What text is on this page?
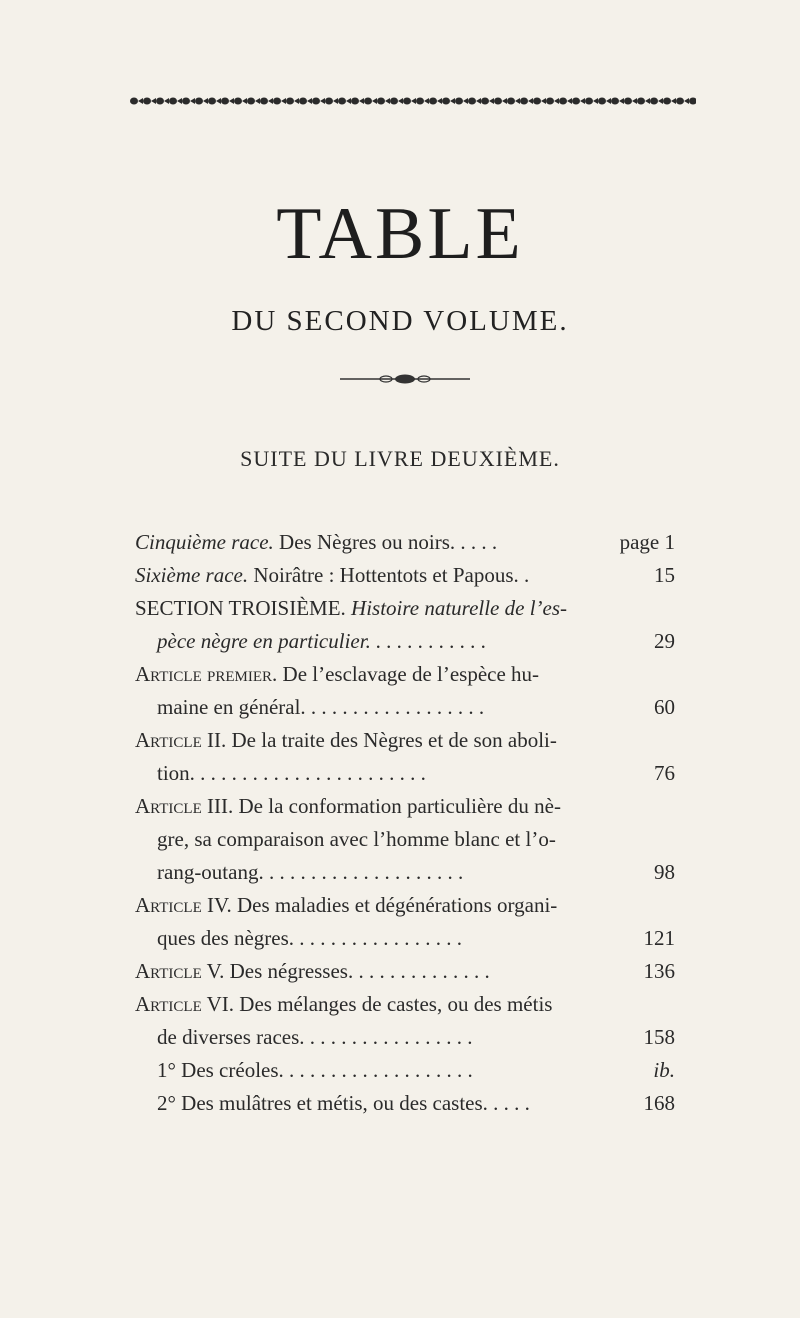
TABLE
DU SECOND VOLUME.
SUITE DU LIVRE DEUXIÈME.
Cinquième race. Des Nègres ou noirs. . . . .	page 1
Sixième race. Noirâtre : Hottentots et Papous. .	15
SECTION TROISIÈME. Histoire naturelle de l’es-
pèce nègre en particulier. . . . . . . . . . . .	29
Article premier. De l’esclavage de l’espèce hu-
maine en général. . . . . . . . . . . . . . . . . .	60
Article II. De la traite des Nègres et de son aboli-
tion. . . . . . . . . . . . . . . . . . . . . . .	76
Article III. De la conformation particulière du nè-
gre, sa comparaison avec l’homme blanc et l’o-
rang-outang. . . . . . . . . . . . . . . . . . . .	98
Article IV. Des maladies et dégénérations organi-
ques des nègres. . . . . . . . . . . . . . . . .	121
Article V. Des négresses. . . . . . . . . . . . . .	136
Article VI. Des mélanges de castes, ou des métis
de diverses races. . . . . . . . . . . . . . . . .	158
1° Des créoles. . . . . . . . . . . . . . . . . . .	ib.
2° Des mulâtres et métis, ou des castes. . . . .	168
